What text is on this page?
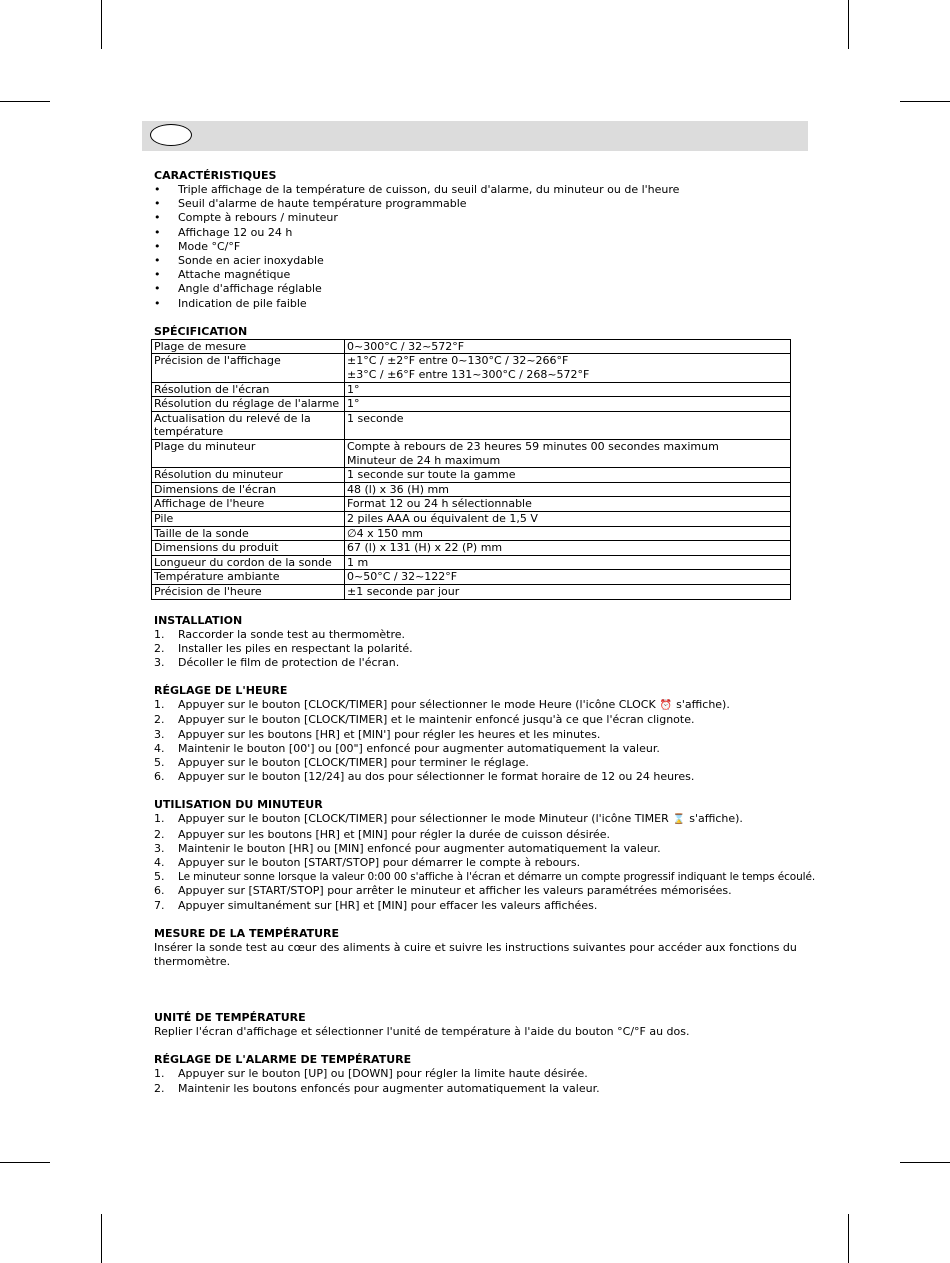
CARACTÉRISTIQUES

• Triple affichage de la température de cuisson, du seuil d'alarme, du minuteur ou de l'heure
• Seuil d'alarme de haute température programmable
• Compte à rebours / minuteur
• Affichage 12 ou 24 h
• Mode °C/°F
• Sonde en acier inoxydable
• Attache magnétique
• Angle d'affichage réglable
• Indication de pile faible

SPÉCIFICATION

Plage de mesure	0~300°C / 32~572°F

Précision de l'affichage	±1°C / ±2°F entre 0~130°C / 32~266°F
±3°C / ±6°F entre 131~300°C / 268~572°F

Résolution de l'écran	1°

Résolution du réglage de l'alarme	1°

Actualisation du relevé de la température	1 seconde

Plage du minuteur	Compte à rebours de 23 heures 59 minutes 00 secondes maximum
Minuteur de 24 h maximum

Résolution du minuteur	1 seconde sur toute la gamme

Dimensions de l'écran	48 (l) x 36 (H) mm

Affichage de l'heure	Format 12 ou 24 h sélectionnable

Pile	2 piles AAA ou équivalent de 1,5 V

Taille de la sonde	∅4 x 150 mm

Dimensions du produit	67 (l) x 131 (H) x 22 (P) mm

Longueur du cordon de la sonde	1 m

Température ambiante	0~50°C / 32~122°F

Précision de l'heure	±1 seconde par jour

INSTALLATION

1. Raccorder la sonde test au thermomètre.
2. Installer les piles en respectant la polarité.
3. Décoller le film de protection de l'écran.

RÉGLAGE DE L'HEURE

1. Appuyer sur le bouton [CLOCK/TIMER] pour sélectionner le mode Heure (l'icône CLOCK ⏰ s'affiche).
2. Appuyer sur le bouton [CLOCK/TIMER] et le maintenir enfoncé jusqu'à ce que l'écran clignote.
3. Appuyer sur les boutons [HR] et [MIN'] pour régler les heures et les minutes.
4. Maintenir le bouton [00'] ou [00"] enfoncé pour augmenter automatiquement la valeur.
5. Appuyer sur le bouton [CLOCK/TIMER] pour terminer le réglage.
6. Appuyer sur le bouton [12/24] au dos pour sélectionner le format horaire de 12 ou 24 heures.

UTILISATION DU MINUTEUR

1. Appuyer sur le bouton [CLOCK/TIMER] pour sélectionner le mode Minuteur (l'icône TIMER ⌛ s'affiche).
2. Appuyer sur les boutons [HR] et [MIN] pour régler la durée de cuisson désirée.
3. Maintenir le bouton [HR] ou [MIN] enfoncé pour augmenter automatiquement la valeur.
4. Appuyer sur le bouton [START/STOP] pour démarrer le compte à rebours.
5. Le minuteur sonne lorsque la valeur 0:00 00 s'affiche à l'écran et démarre un compte progressif indiquant le temps écoulé.
6. Appuyer sur [START/STOP] pour arrêter le minuteur et afficher les valeurs paramétrées mémorisées.
7. Appuyer simultanément sur [HR] et [MIN] pour effacer les valeurs affichées.

MESURE DE LA TEMPÉRATURE

Insérer la sonde test au cœur des aliments à cuire et suivre les instructions suivantes pour accéder aux fonctions du thermomètre.

UNITÉ DE TEMPÉRATURE

Replier l'écran d'affichage et sélectionner l'unité de température à l'aide du bouton °C/°F au dos.

RÉGLAGE DE L'ALARME DE TEMPÉRATURE

1. Appuyer sur le bouton [UP] ou [DOWN] pour régler la limite haute désirée.
2. Maintenir les boutons enfoncés pour augmenter automatiquement la valeur.
